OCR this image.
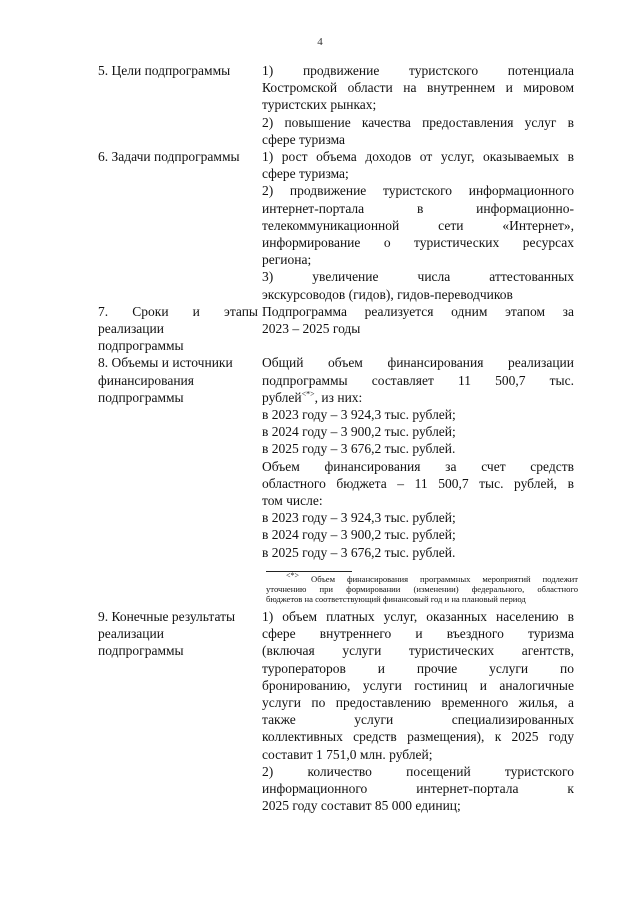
4
5. Цели подпрограммы	1) продвижение туристского потенциала
Костромской области на внутреннем и мировом
туристских рынках;
2) повышение качества предоставления услуг в
сфере туризма
6. Задачи подпрограммы	1) рост объема доходов от услуг, оказываемых в
сфере туризма;
2) продвижение туристского информационного
интернет-портала в информационно-
телекоммуникационной сети «Интернет»,
информирование о туристических ресурсах
региона;
3) увеличение числа аттестованных
экскурсоводов (гидов), гидов-переводчиков
7. Сроки и этапы
реализации
подпрограммы
Подпрограмма реализуется одним этапом за
2023 – 2025 годы
8. Объемы и источники
финансирования
подпрограммы
Общий объем финансирования реализации
подпрограммы составляет 11 500,7 тыс.
рублей<*>, из них:
в 2023 году – 3 924,3 тыс. рублей;
в 2024 году – 3 900,2 тыс. рублей;
в 2025 году – 3 676,2 тыс. рублей.
Объем финансирования за счет средств
областного бюджета – 11 500,7 тыс. рублей, в
том числе:
в 2023 году – 3 924,3 тыс. рублей;
в 2024 году – 3 900,2 тыс. рублей;
в 2025 году – 3 676,2 тыс. рублей.
<*> Объем финансирования программных мероприятий подлежит
уточнению при формировании (изменении) федерального, областного
бюджетов на соответствующий финансовый год и на плановый период
9. Конечные результаты
реализации
подпрограммы
1) объем платных услуг, оказанных населению в
сфере внутреннего и въездного туризма
(включая услуги туристических агентств,
туроператоров и прочие услуги по
бронированию, услуги гостиниц и аналогичные
услуги по предоставлению временного жилья, а
также услуги специализированных
коллективных средств размещения), к 2025 году
составит 1 751,0 млн. рублей;
2) количество посещений туристского
информационного интернет-портала к
2025 году составит 85 000 единиц;
